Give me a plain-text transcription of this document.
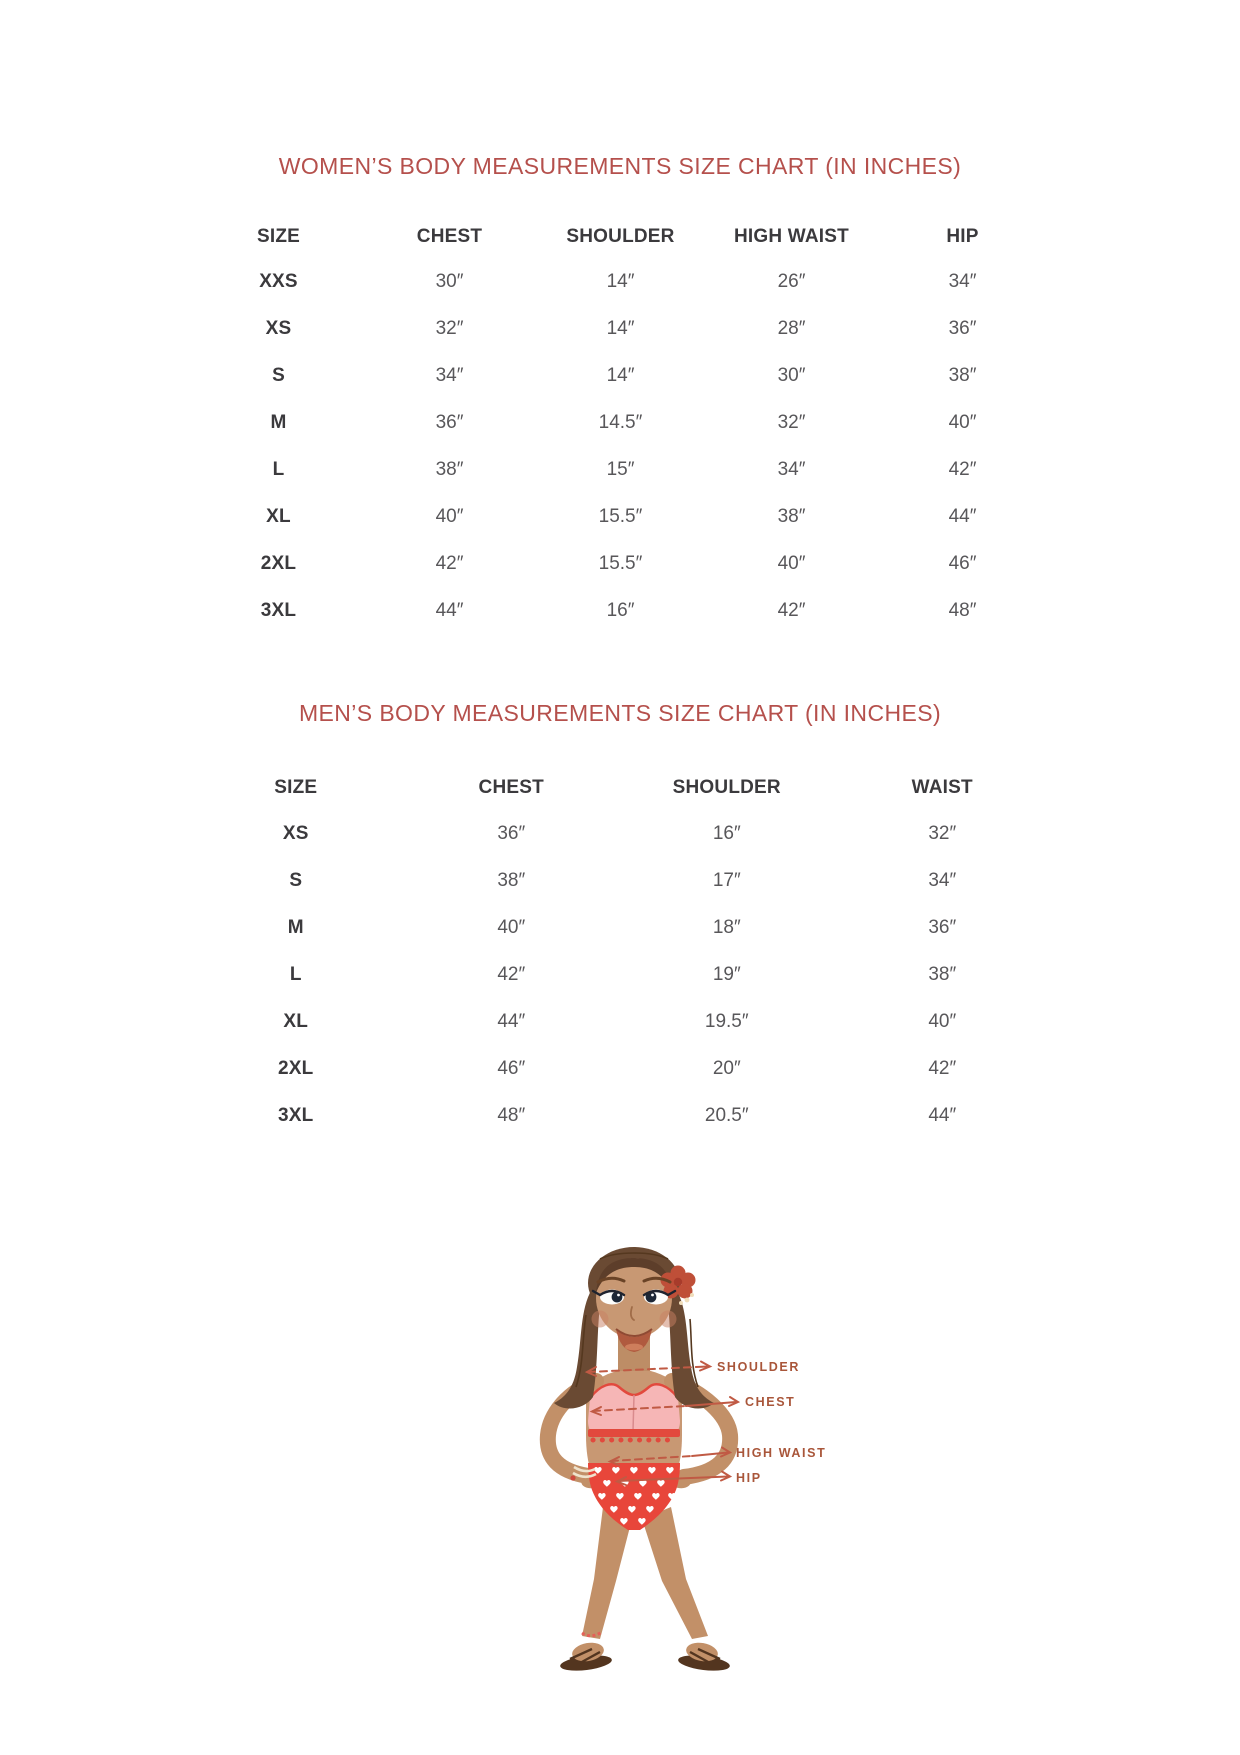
WOMEN’S BODY MEASUREMENTS SIZE CHART (IN INCHES)
SIZE	CHEST	SHOULDER	HIGH WAIST	HIP
XXS	30″	14″	26″	34″
XS	32″	14″	28″	36″
S	34″	14″	30″	38″
M	36″	14.5″	32″	40″
L	38″	15″	34″	42″
XL	40″	15.5″	38″	44″
2XL	42″	15.5″	40″	46″
3XL	44″	16″	42″	48″
MEN’S BODY MEASUREMENTS SIZE CHART (IN INCHES)
SIZE	CHEST	SHOULDER	WAIST
XS	36″	16″	32″
S	38″	17″	34″
M	40″	18″	36″
L	42″	19″	38″
XL	44″	19.5″	40″
2XL	46″	20″	42″
3XL	48″	20.5″	44″
SHOULDER
CHEST
HIGH WAIST
HIP
